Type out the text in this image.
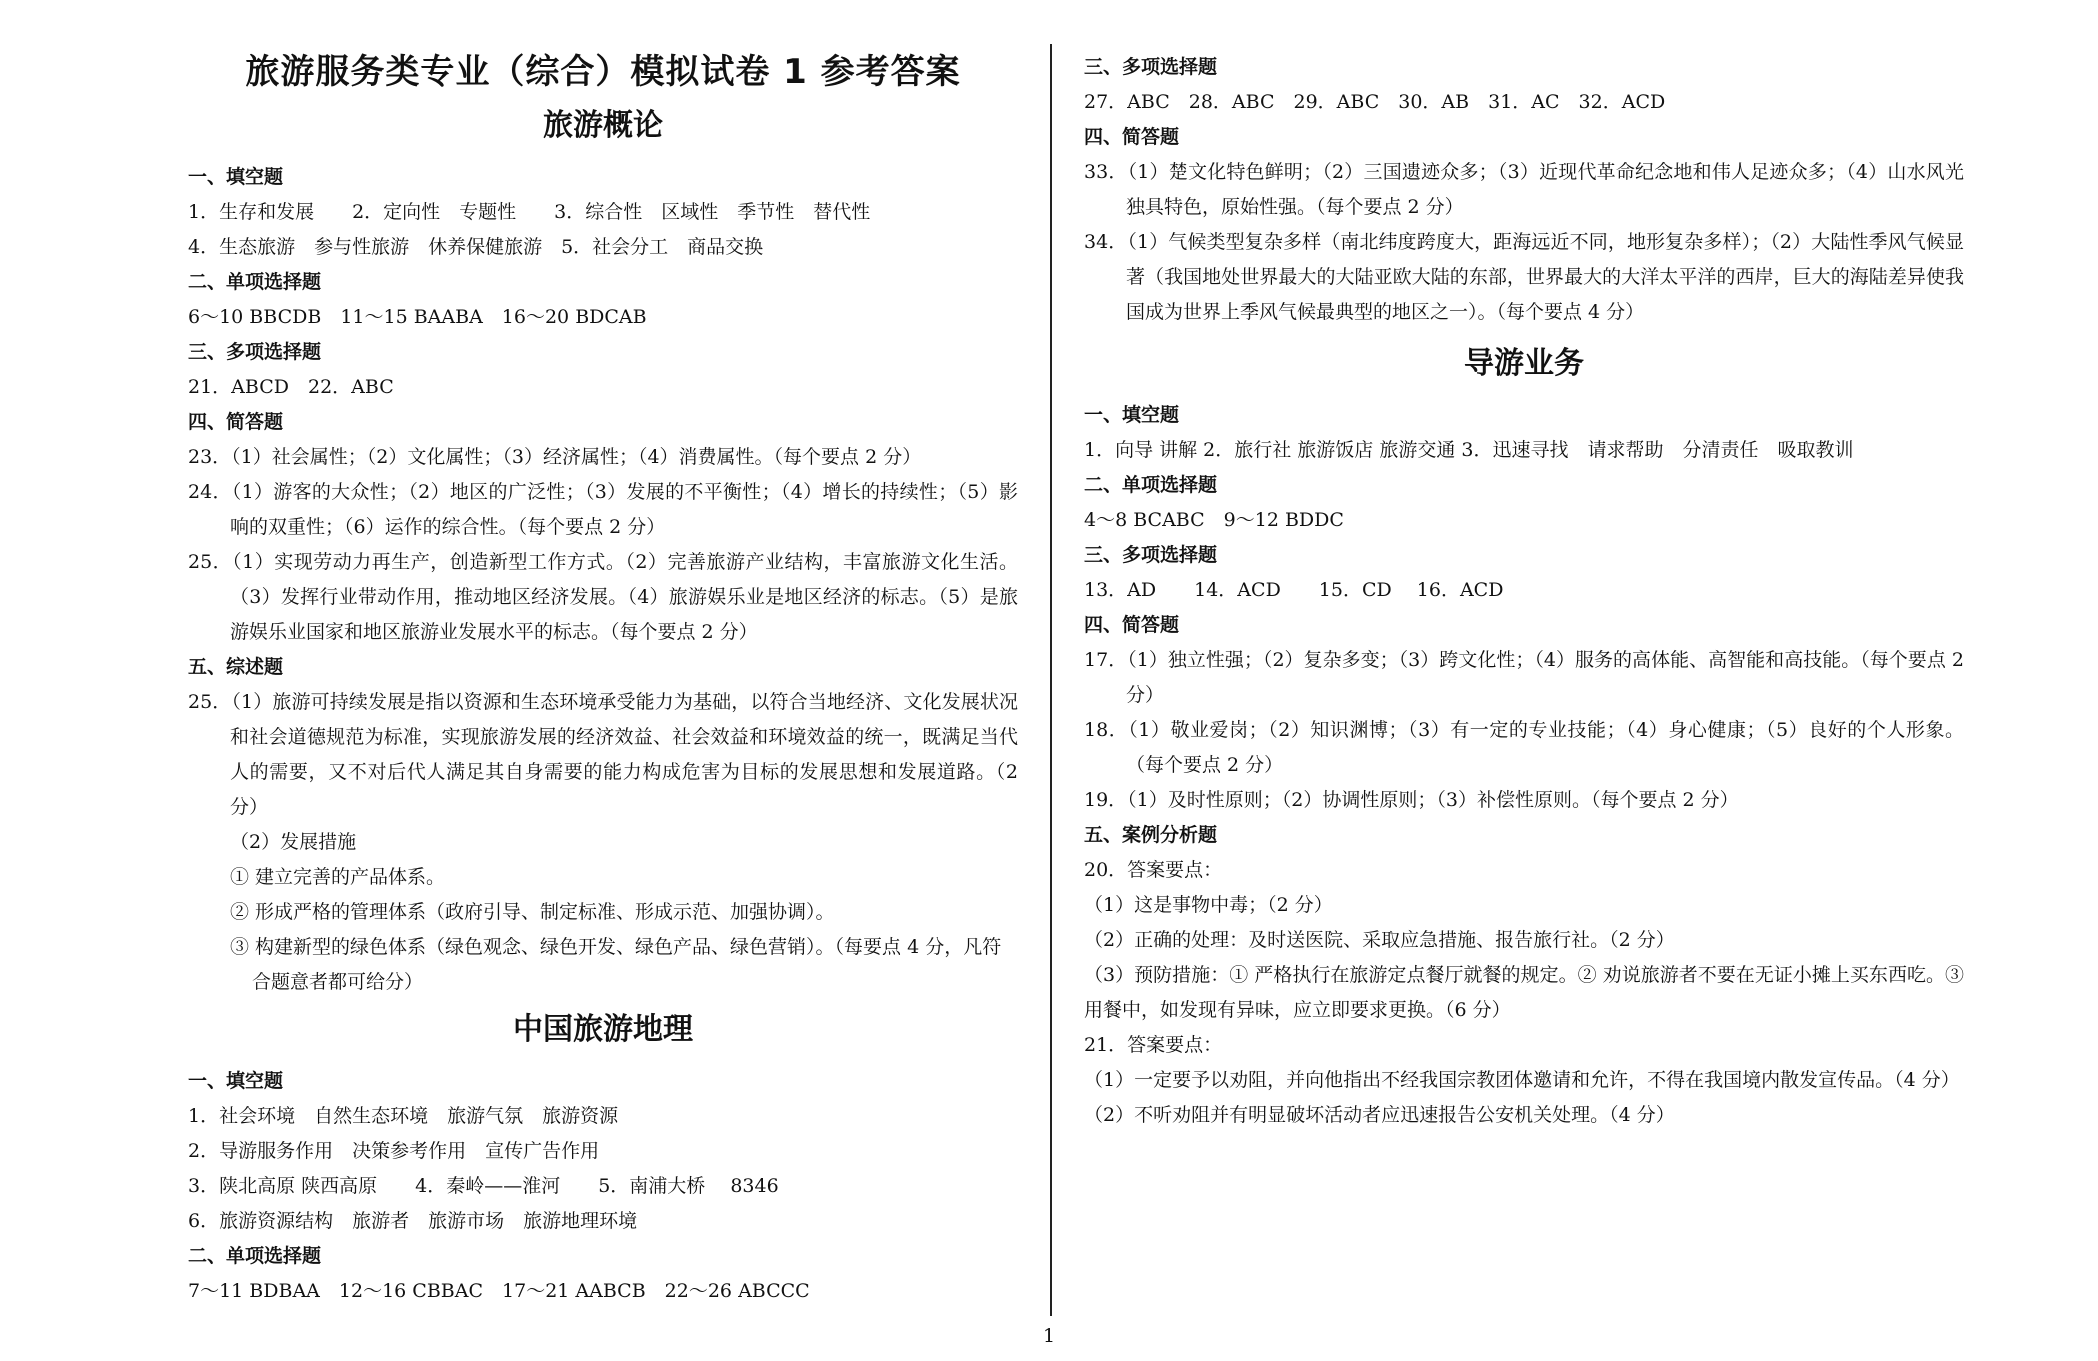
旅游服务类专业（综合）模拟试卷 1 参考答案
旅游概论
一、填空题
1．生存和发展　　2．定向性　专题性　　3．综合性　区域性　季节性　替代性
4．生态旅游　参与性旅游　休养保健旅游　5．社会分工　商品交换
二、单项选择题
6～10 BBCDB　11～15 BAABA　16～20 BDCAB
三、多项选择题
21．ABCD　22．ABC
四、简答题
23．（1）社会属性；（2）文化属性；（3）经济属性；（4）消费属性。（每个要点 2 分）
24．（1）游客的大众性；（2）地区的广泛性；（3）发展的不平衡性；（4）增长的持续性；（5）影响的双重性；（6）运作的综合性。（每个要点 2 分）
25．（1）实现劳动力再生产，创造新型工作方式。（2）完善旅游产业结构，丰富旅游文化生活。（3）发挥行业带动作用，推动地区经济发展。（4）旅游娱乐业是地区经济的标志。（5）是旅游娱乐业国家和地区旅游业发展水平的标志。（每个要点 2 分）
五、综述题
25．（1）旅游可持续发展是指以资源和生态环境承受能力为基础，以符合当地经济、文化发展状况和社会道德规范为标准，实现旅游发展的经济效益、社会效益和环境效益的统一，既满足当代人的需要，又不对后代人满足其自身需要的能力构成危害为目标的发展思想和发展道路。（2 分）
（2）发展措施
① 建立完善的产品体系。
② 形成严格的管理体系（政府引导、制定标准、形成示范、加强协调）。
③ 构建新型的绿色体系（绿色观念、绿色开发、绿色产品、绿色营销）。（每要点 4 分，凡符合题意者都可给分）
中国旅游地理
一、填空题
1．社会环境　自然生态环境　旅游气氛　旅游资源
2．导游服务作用　决策参考作用　宣传广告作用
3．陕北高原 陕西高原　　4．秦岭——淮河　　5．南浦大桥　 8346
6．旅游资源结构　旅游者　旅游市场　旅游地理环境
二、单项选择题
7～11 BDBAA　12～16 CBBAC　17～21 AABCB　22～26 ABCCC
三、多项选择题
27．ABC　28．ABC　29．ABC　30．AB　31．AC　32．ACD
四、简答题
33．（1）楚文化特色鲜明；（2）三国遗迹众多；（3）近现代革命纪念地和伟人足迹众多；（4）山水风光独具特色，原始性强。（每个要点 2 分）
34．（1）气候类型复杂多样（南北纬度跨度大，距海远近不同，地形复杂多样）；（2）大陆性季风气候显著（我国地处世界最大的大陆亚欧大陆的东部，世界最大的大洋太平洋的西岸，巨大的海陆差异使我国成为世界上季风气候最典型的地区之一）。（每个要点 4 分）
导游业务
一、填空题
1．向导 讲解 2．旅行社 旅游饭店 旅游交通 3．迅速寻找　请求帮助　分清责任　吸取教训
二、单项选择题
4～8 BCABC　9～12 BDDC
三、多项选择题
13．AD　　14．ACD　　15．CD　 16．ACD
四、简答题
17．（1）独立性强；（2）复杂多变；（3）跨文化性；（4）服务的高体能、高智能和高技能。（每个要点 2 分）
18．（1）敬业爱岗；（2）知识渊博；（3）有一定的专业技能；（4）身心健康；（5）良好的个人形象。（每个要点 2 分）
19．（1）及时性原则；（2）协调性原则；（3）补偿性原则。（每个要点 2 分）
五、案例分析题
20．答案要点：
（1）这是事物中毒；（2 分）
（2）正确的处理：及时送医院、采取应急措施、报告旅行社。（2 分）
（3）预防措施：① 严格执行在旅游定点餐厅就餐的规定。② 劝说旅游者不要在无证小摊上买东西吃。③ 用餐中，如发现有异味，应立即要求更换。（6 分）
21．答案要点：
（1）一定要予以劝阻，并向他指出不经我国宗教团体邀请和允许，不得在我国境内散发宣传品。（4 分）
（2）不听劝阻并有明显破坏活动者应迅速报告公安机关处理。（4 分）
1
